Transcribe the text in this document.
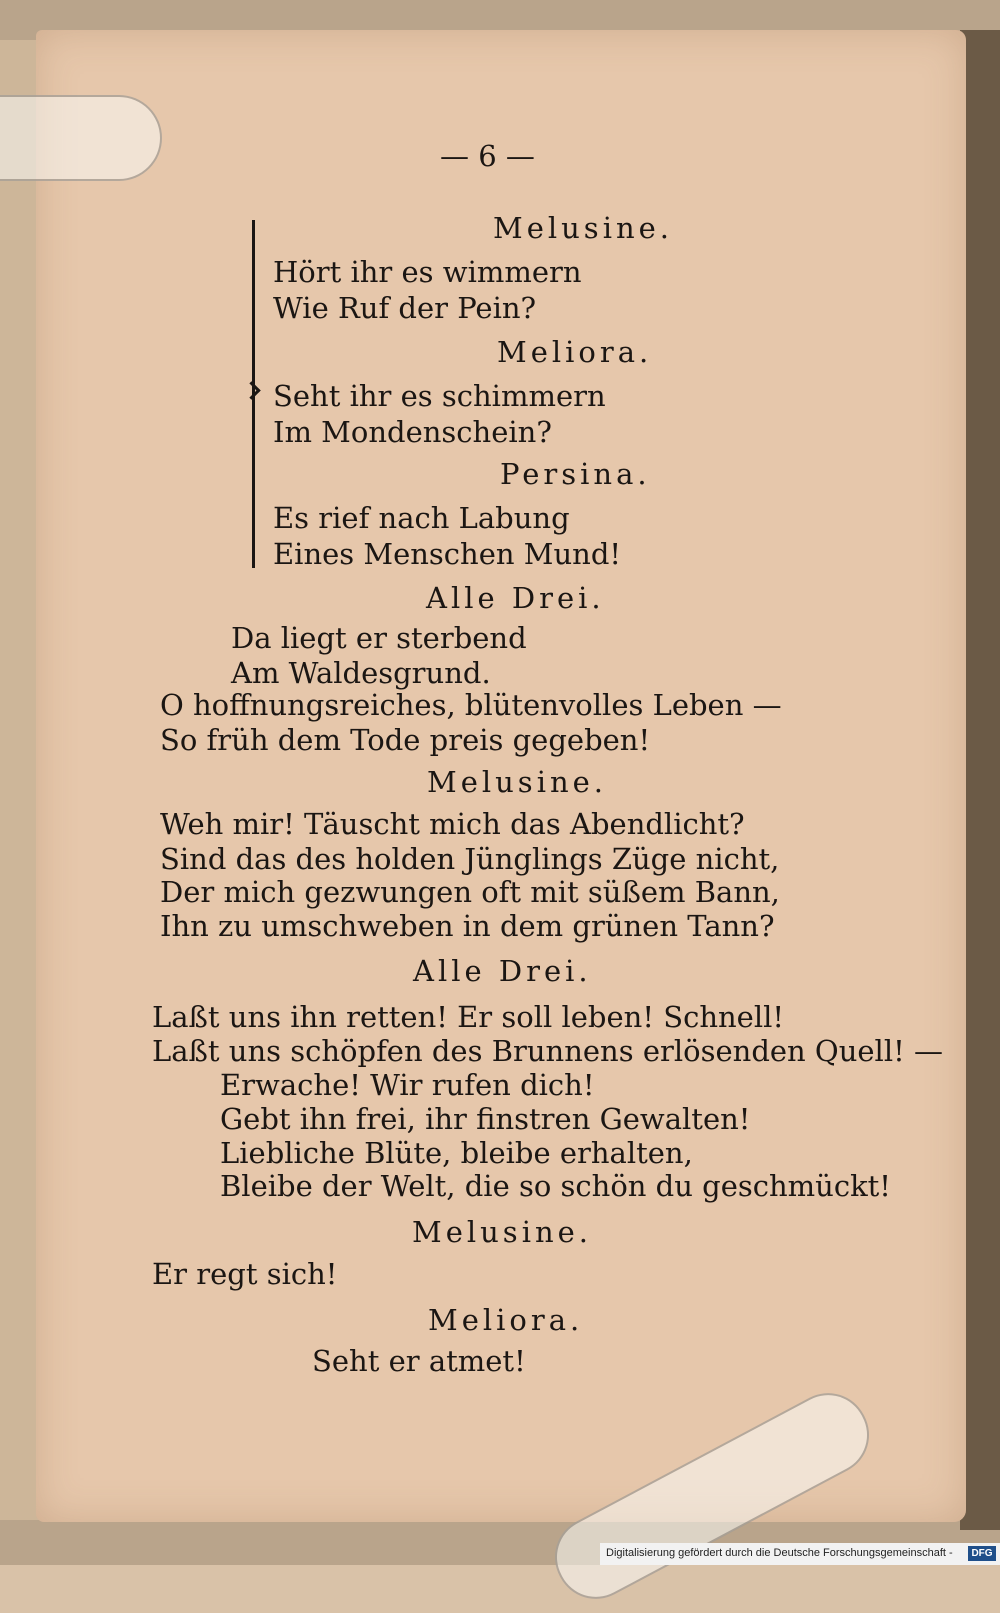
— 6 —
Melusine.
Hört ihr es wimmern
Wie Ruf der Pein?
Meliora.
Seht ihr es schimmern
Im Mondenschein?
Persina.
Es rief nach Labung
Eines Menschen Mund!
Alle Drei.
Da liegt er sterbend
Am Waldesgrund.
O hoffnungsreiches, blütenvolles Leben —
So früh dem Tode preis gegeben!
Melusine.
Weh mir! Täuscht mich das Abendlicht?
Sind das des holden Jünglings Züge nicht,
Der mich gezwungen oft mit süßem Bann,
Ihn zu umschweben in dem grünen Tann?
Alle Drei.
Laßt uns ihn retten! Er soll leben! Schnell!
Laßt uns schöpfen des Brunnens erlösenden Quell! —
Erwache! Wir rufen dich!
Gebt ihn frei, ihr finstren Gewalten!
Liebliche Blüte, bleibe erhalten,
Bleibe der Welt, die so schön du geschmückt!
Melusine.
Er regt sich!
Meliora.
Seht er atmet!
Digitalisierung gefördert durch die Deutsche Forschungsgemeinschaft -	DFG
